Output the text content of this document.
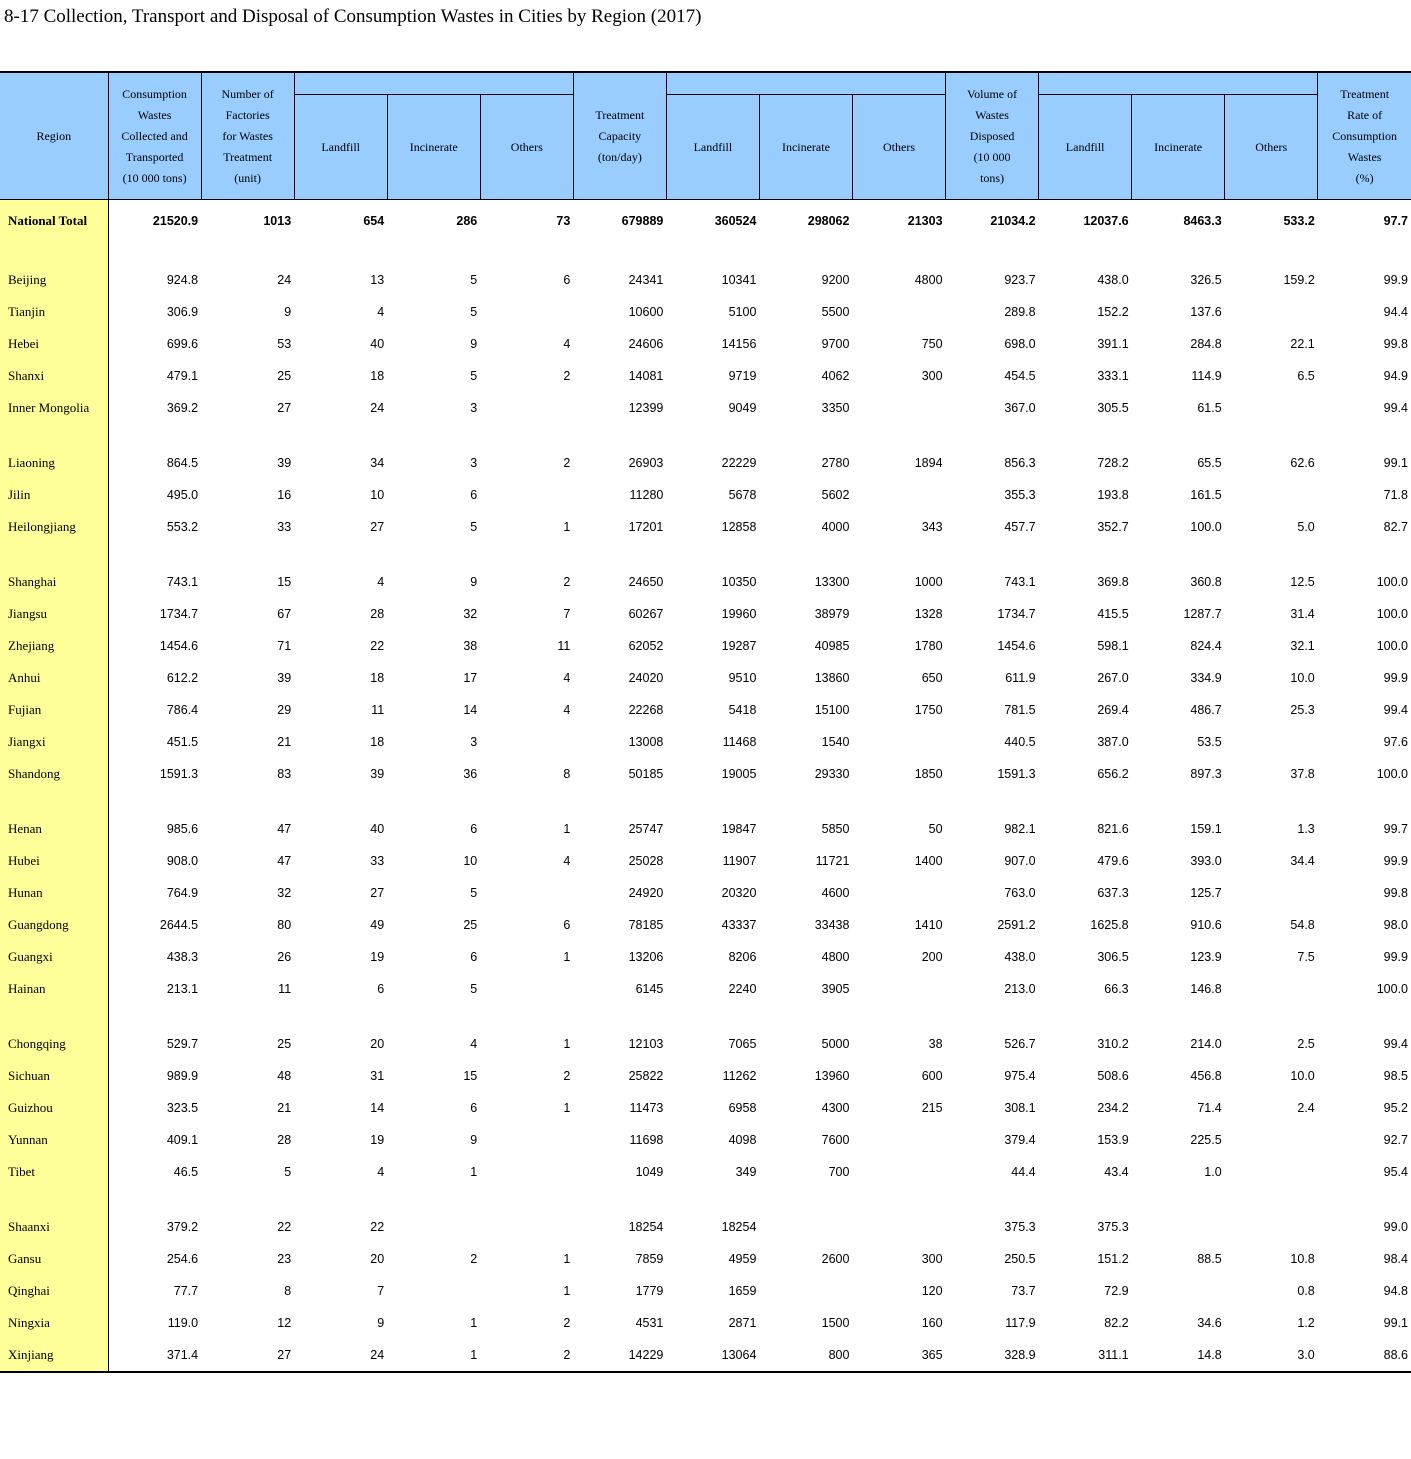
8-17 Collection, Transport and Disposal of Consumption Wastes in Cities by Region (2017)
Region	Consumption
Wastes
Collected and
Transported
(10 000 tons)	Number of
Factories
for Wastes
Treatment
(unit)				Treatment
Capacity
(ton/day)				Volume of
Wastes
Disposed
(10 000
tons)				Treatment
Rate of
Consumption
Wastes
(%)

			Landfill	Incinerate	Others		Landfill	Incinerate	Others		Landfill	Incinerate	Others	
National Total	21520.9	1013	654	286	73	679889	360524	298062	21303	21034.2	12037.6	8463.3	533.2	97.7

Beijing	924.8	24	13	5	6	24341	10341	9200	4800	923.7	438.0	326.5	159.2	99.9
Tianjin	306.9	9	4	5		10600	5100	5500		289.8	152.2	137.6		94.4
Hebei	699.6	53	40	9	4	24606	14156	9700	750	698.0	391.1	284.8	22.1	99.8
Shanxi	479.1	25	18	5	2	14081	9719	4062	300	454.5	333.1	114.9	6.5	94.9
Inner Mongolia	369.2	27	24	3		12399	9049	3350		367.0	305.5	61.5		99.4

Liaoning	864.5	39	34	3	2	26903	22229	2780	1894	856.3	728.2	65.5	62.6	99.1
Jilin	495.0	16	10	6		11280	5678	5602		355.3	193.8	161.5		71.8
Heilongjiang	553.2	33	27	5	1	17201	12858	4000	343	457.7	352.7	100.0	5.0	82.7

Shanghai	743.1	15	4	9	2	24650	10350	13300	1000	743.1	369.8	360.8	12.5	100.0
Jiangsu	1734.7	67	28	32	7	60267	19960	38979	1328	1734.7	415.5	1287.7	31.4	100.0
Zhejiang	1454.6	71	22	38	11	62052	19287	40985	1780	1454.6	598.1	824.4	32.1	100.0
Anhui	612.2	39	18	17	4	24020	9510	13860	650	611.9	267.0	334.9	10.0	99.9
Fujian	786.4	29	11	14	4	22268	5418	15100	1750	781.5	269.4	486.7	25.3	99.4
Jiangxi	451.5	21	18	3		13008	11468	1540		440.5	387.0	53.5		97.6
Shandong	1591.3	83	39	36	8	50185	19005	29330	1850	1591.3	656.2	897.3	37.8	100.0

Henan	985.6	47	40	6	1	25747	19847	5850	50	982.1	821.6	159.1	1.3	99.7
Hubei	908.0	47	33	10	4	25028	11907	11721	1400	907.0	479.6	393.0	34.4	99.9
Hunan	764.9	32	27	5		24920	20320	4600		763.0	637.3	125.7		99.8
Guangdong	2644.5	80	49	25	6	78185	43337	33438	1410	2591.2	1625.8	910.6	54.8	98.0
Guangxi	438.3	26	19	6	1	13206	8206	4800	200	438.0	306.5	123.9	7.5	99.9
Hainan	213.1	11	6	5		6145	2240	3905		213.0	66.3	146.8		100.0

Chongqing	529.7	25	20	4	1	12103	7065	5000	38	526.7	310.2	214.0	2.5	99.4
Sichuan	989.9	48	31	15	2	25822	11262	13960	600	975.4	508.6	456.8	10.0	98.5
Guizhou	323.5	21	14	6	1	11473	6958	4300	215	308.1	234.2	71.4	2.4	95.2
Yunnan	409.1	28	19	9		11698	4098	7600		379.4	153.9	225.5		92.7
Tibet	46.5	5	4	1		1049	349	700		44.4	43.4	1.0		95.4

Shaanxi	379.2	22	22			18254	18254			375.3	375.3			99.0
Gansu	254.6	23	20	2	1	7859	4959	2600	300	250.5	151.2	88.5	10.8	98.4
Qinghai	77.7	8	7		1	1779	1659		120	73.7	72.9		0.8	94.8
Ningxia	119.0	12	9	1	2	4531	2871	1500	160	117.9	82.2	34.6	1.2	99.1
Xinjiang	371.4	27	24	1	2	14229	13064	800	365	328.9	311.1	14.8	3.0	88.6
